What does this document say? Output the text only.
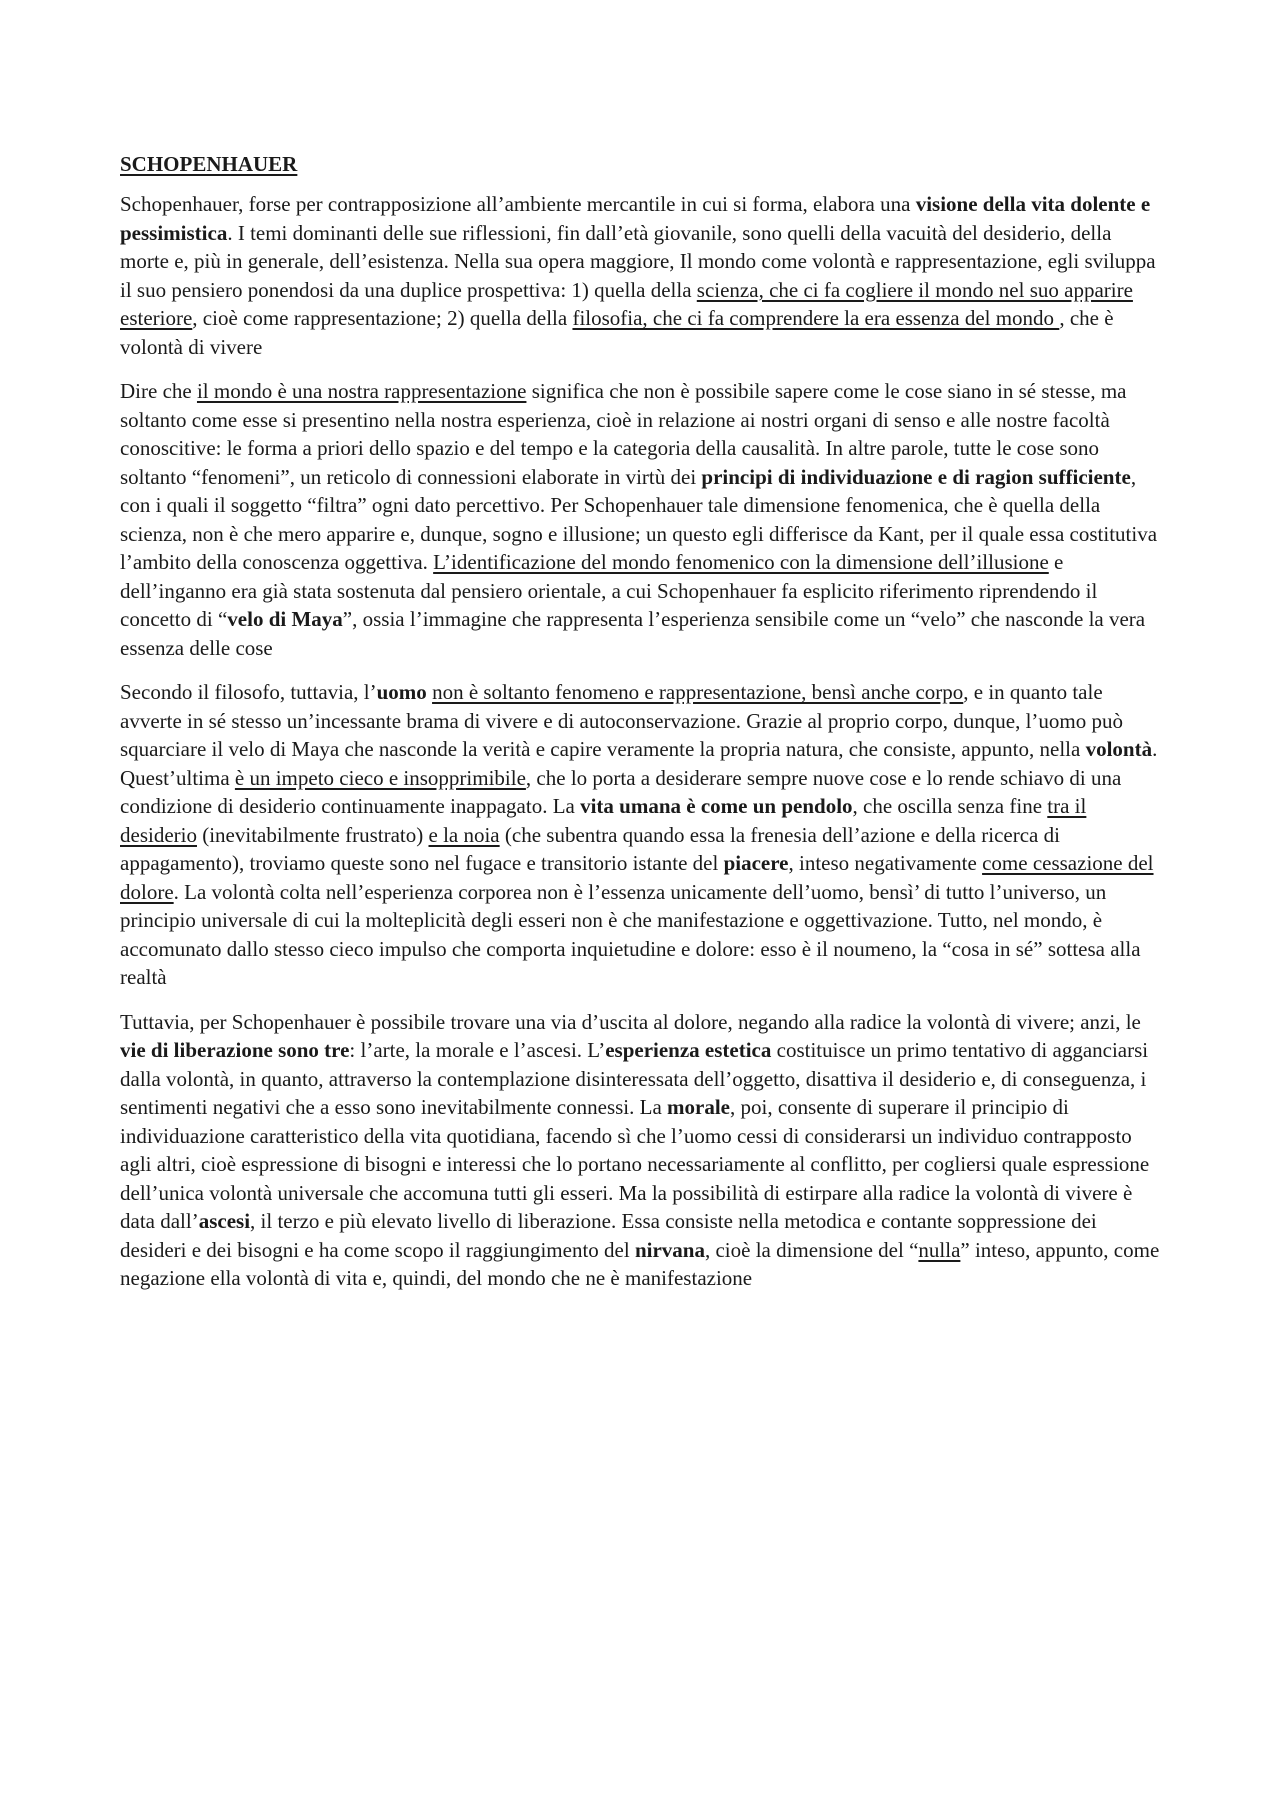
SCHOPENHAUER

Schopenhauer, forse per contrapposizione all’ambiente mercantile in cui si forma, elabora una visione della vita dolente e pessimistica. I temi dominanti delle sue riflessioni, fin dall’età giovanile, sono quelli della vacuità del desiderio, della morte e, più in generale, dell’esistenza. Nella sua opera maggiore, Il mondo come volontà e rappresentazione, egli sviluppa il suo pensiero ponendosi da una duplice prospettiva: 1) quella della scienza, che ci fa cogliere il mondo nel suo apparire esteriore, cioè come rappresentazione; 2) quella della filosofia, che ci fa comprendere la era essenza del mondo , che è volontà di vivere

Dire che il mondo è una nostra rappresentazione significa che non è possibile sapere come le cose siano in sé stesse, ma soltanto come esse si presentino nella nostra esperienza, cioè in relazione ai nostri organi di senso e alle nostre facoltà conoscitive: le forma a priori dello spazio e del tempo e la categoria della causalità. In altre parole, tutte le cose sono soltanto “fenomeni”, un reticolo di connessioni elaborate in virtù dei principi di individuazione e di ragion sufficiente, con i quali il soggetto “filtra” ogni dato percettivo. Per Schopenhauer tale dimensione fenomenica, che è quella della scienza, non è che mero apparire e, dunque, sogno e illusione; un questo egli differisce da Kant, per il quale essa costitutiva l’ambito della conoscenza oggettiva. L’identificazione del mondo fenomenico con la dimensione dell’illusione e dell’inganno era già stata sostenuta dal pensiero orientale, a cui Schopenhauer fa esplicito riferimento riprendendo il concetto di “velo di Maya”, ossia l’immagine che rappresenta l’esperienza sensibile come un “velo” che nasconde la vera essenza delle cose

Secondo il filosofo, tuttavia, l’uomo non è soltanto fenomeno e rappresentazione, bensì anche corpo, e in quanto tale avverte in sé stesso un’incessante brama di vivere e di autoconservazione. Grazie al proprio corpo, dunque, l’uomo può squarciare il velo di Maya che nasconde la verità e capire veramente la propria natura, che consiste, appunto, nella volontà. Quest’ultima è un impeto cieco e insopprimibile, che lo porta a desiderare sempre nuove cose e lo rende schiavo di una condizione di desiderio continuamente inappagato. La vita umana è come un pendolo, che oscilla senza fine tra il desiderio (inevitabilmente frustrato) e la noia (che subentra quando essa la frenesia dell’azione e della ricerca di appagamento), troviamo queste sono nel fugace e transitorio istante del piacere, inteso negativamente come cessazione del dolore. La volontà colta nell’esperienza corporea non è l’essenza unicamente dell’uomo, bensì’ di tutto l’universo, un principio universale di cui la molteplicità degli esseri non è che manifestazione e oggettivazione. Tutto, nel mondo, è accomunato dallo stesso cieco impulso che comporta inquietudine e dolore: esso è il noumeno, la “cosa in sé” sottesa alla realtà

Tuttavia, per Schopenhauer è possibile trovare una via d’uscita al dolore, negando alla radice la volontà di vivere; anzi, le vie di liberazione sono tre: l’arte, la morale e l’ascesi. L’esperienza estetica costituisce un primo tentativo di agganciarsi dalla volontà, in quanto, attraverso la contemplazione disinteressata dell’oggetto, disattiva il desiderio e, di conseguenza, i sentimenti negativi che a esso sono inevitabilmente connessi. La morale, poi, consente di superare il principio di individuazione caratteristico della vita quotidiana, facendo sì che l’uomo cessi di considerarsi un individuo contrapposto agli altri, cioè espressione di bisogni e interessi che lo portano necessariamente al conflitto, per cogliersi quale espressione dell’unica volontà universale che accomuna tutti gli esseri. Ma la possibilità di estirpare alla radice la volontà di vivere è data dall’ascesi, il terzo e più elevato livello di liberazione. Essa consiste nella metodica e contante soppressione dei desideri e dei bisogni e ha come scopo il raggiungimento del nirvana, cioè la dimensione del “nulla” inteso, appunto, come negazione ella volontà di vita e, quindi, del mondo che ne è manifestazione
